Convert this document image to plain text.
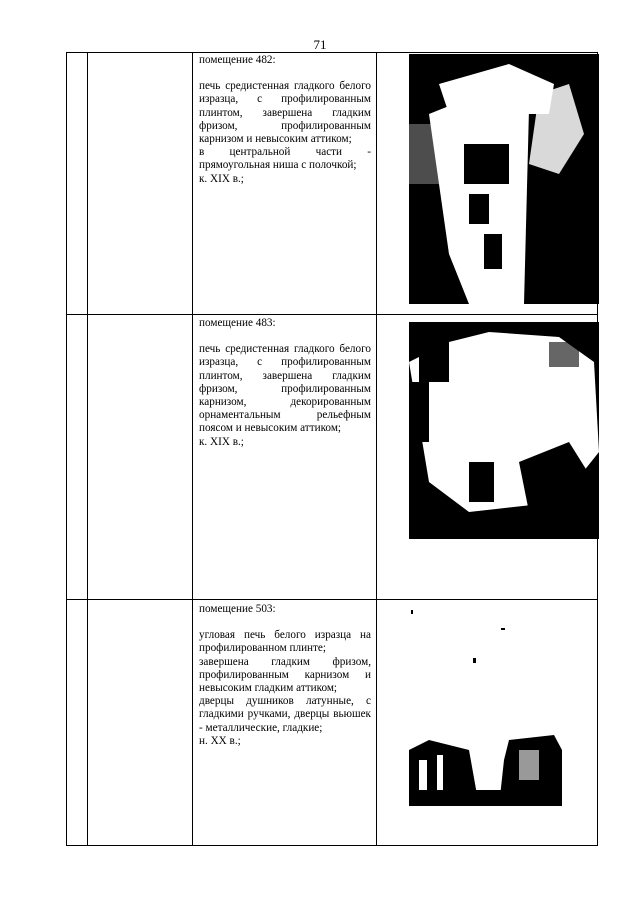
71

помещение 482:

печь средистенная гладкого белого изразца, с профилированным плинтом, завершена гладким фризом, профилированным карнизом и невысоким аттиком;

в центральной части - прямоугольная ниша с полочкой;

к. XIX в.;

помещение 483:

печь средистенная гладкого белого изразца, с профилированным плинтом, завершена гладким фризом, профилированным карнизом, декорированным орнаментальным рельефным поясом и невысоким аттиком;

к. XIX в.;

помещение 503:

угловая печь белого изразца на профилированном плинте;

завершена гладким фризом, профилированным карнизом и невысоким гладким аттиком;

дверцы душников латунные, с гладкими ручками, дверцы вьюшек - металлические, гладкие;

н. XX в.;
